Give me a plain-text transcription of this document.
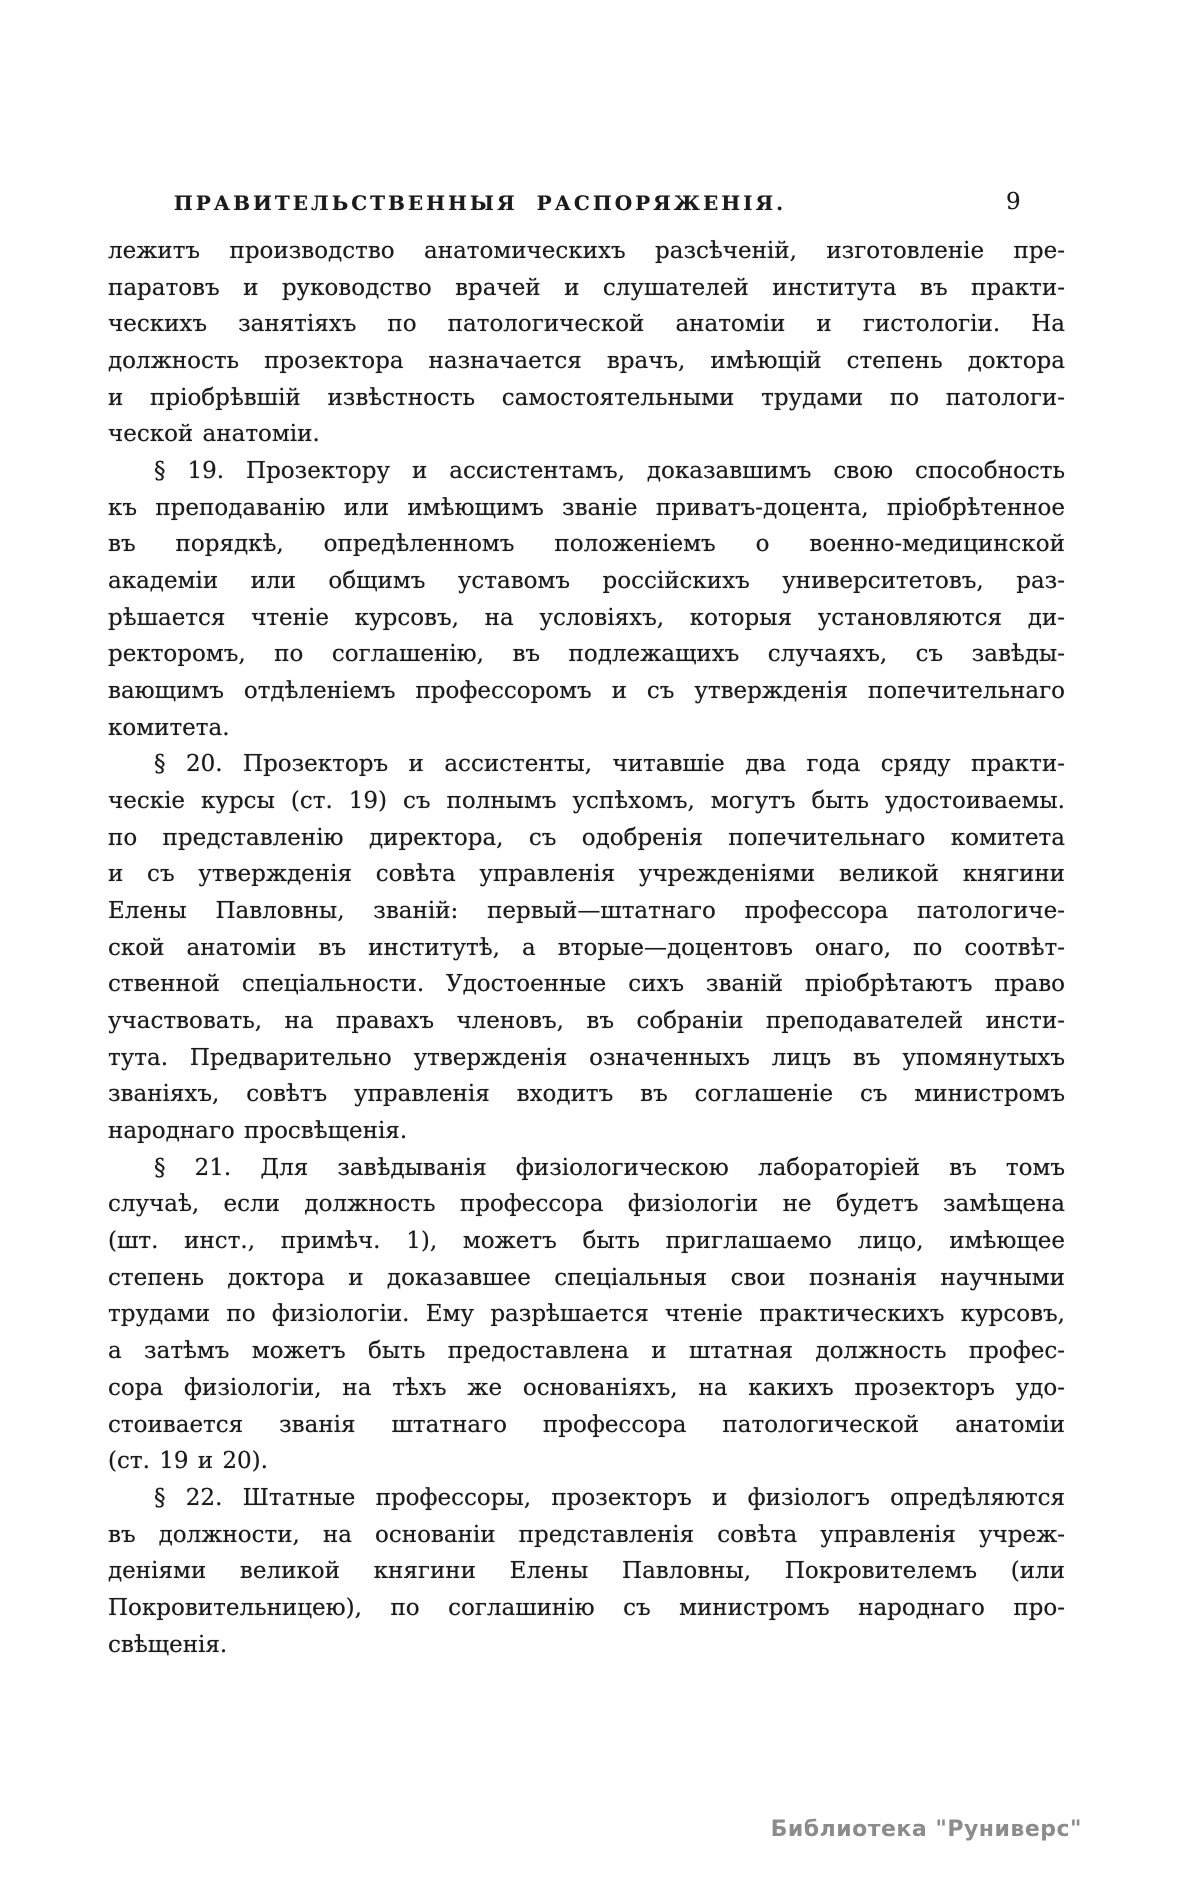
ПРАВИТЕЛЬСТВЕННЫЯ РАСПОРЯЖЕНІЯ.	9
лежитъ производство анатомическихъ разсѣченій, изготовленіе пре-
паратовъ и руководство врачей и слушателей института въ практи-
ческихъ занятіяхъ по патологической анатоміи и гистологіи. На
должность прозектора назначается врачъ, имѣющій степень доктора
и пріобрѣвшій извѣстность самостоятельными трудами по патологи-
ческой анатоміи.
§ 19. Прозектору и ассистентамъ, доказавшимъ свою способность
къ преподаванію или имѣющимъ званіе приватъ-доцента, пріобрѣтенное
въ порядкѣ, опредѣленномъ положеніемъ о военно-медицинской
академіи или общимъ уставомъ россійскихъ университетовъ, раз-
рѣшается чтеніе курсовъ, на условіяхъ, которыя установляются ди-
ректоромъ, по соглашенію, въ подлежащихъ случаяхъ, съ завѣды-
вающимъ отдѣленіемъ профессоромъ и съ утвержденія попечительнаго
комитета.
§ 20. Прозекторъ и ассистенты, читавшіе два года сряду практи-
ческіе курсы (ст. 19) съ полнымъ успѣхомъ, могутъ быть удостоиваемы.
по представленію директора, съ одобренія попечительнаго комитета
и съ утвержденія совѣта управленія учрежденіями великой княгини
Елены Павловны, званій: первый—штатнаго профессора патологиче-
ской анатоміи въ институтѣ, а вторые—доцентовъ онаго, по соотвѣт-
ственной спеціальности. Удостоенные сихъ званій пріобрѣтаютъ право
участвовать, на правахъ членовъ, въ собраніи преподавателей инсти-
тута. Предварительно утвержденія означенныхъ лицъ въ упомянутыхъ
званіяхъ, совѣтъ управленія входитъ въ соглашеніе съ министромъ
народнаго просвѣщенія.
§ 21. Для завѣдыванія физіологическою лабораторіей въ томъ
случаѣ, если должность профессора физіологіи не будетъ замѣщена
(шт. инст., примѣч. 1), можетъ быть приглашаемо лицо, имѣющее
степень доктора и доказавшее спеціальныя свои познанія научными
трудами по физіологіи. Ему разрѣшается чтеніе практическихъ курсовъ,
а затѣмъ можетъ быть предоставлена и штатная должность профес-
сора физіологіи, на тѣхъ же основаніяхъ, на какихъ прозекторъ удо-
стоивается званія штатнаго профессора патологической анатоміи
(ст. 19 и 20).
§ 22. Штатные профессоры, прозекторъ и физіологъ опредѣляются
въ должности, на основаніи представленія совѣта управленія учреж-
деніями великой княгини Елены Павловны, Покровителемъ (или
Покровительницею), по соглашинію съ министромъ народнаго про-
свѣщенія.
Библиотека "Руниверс"
